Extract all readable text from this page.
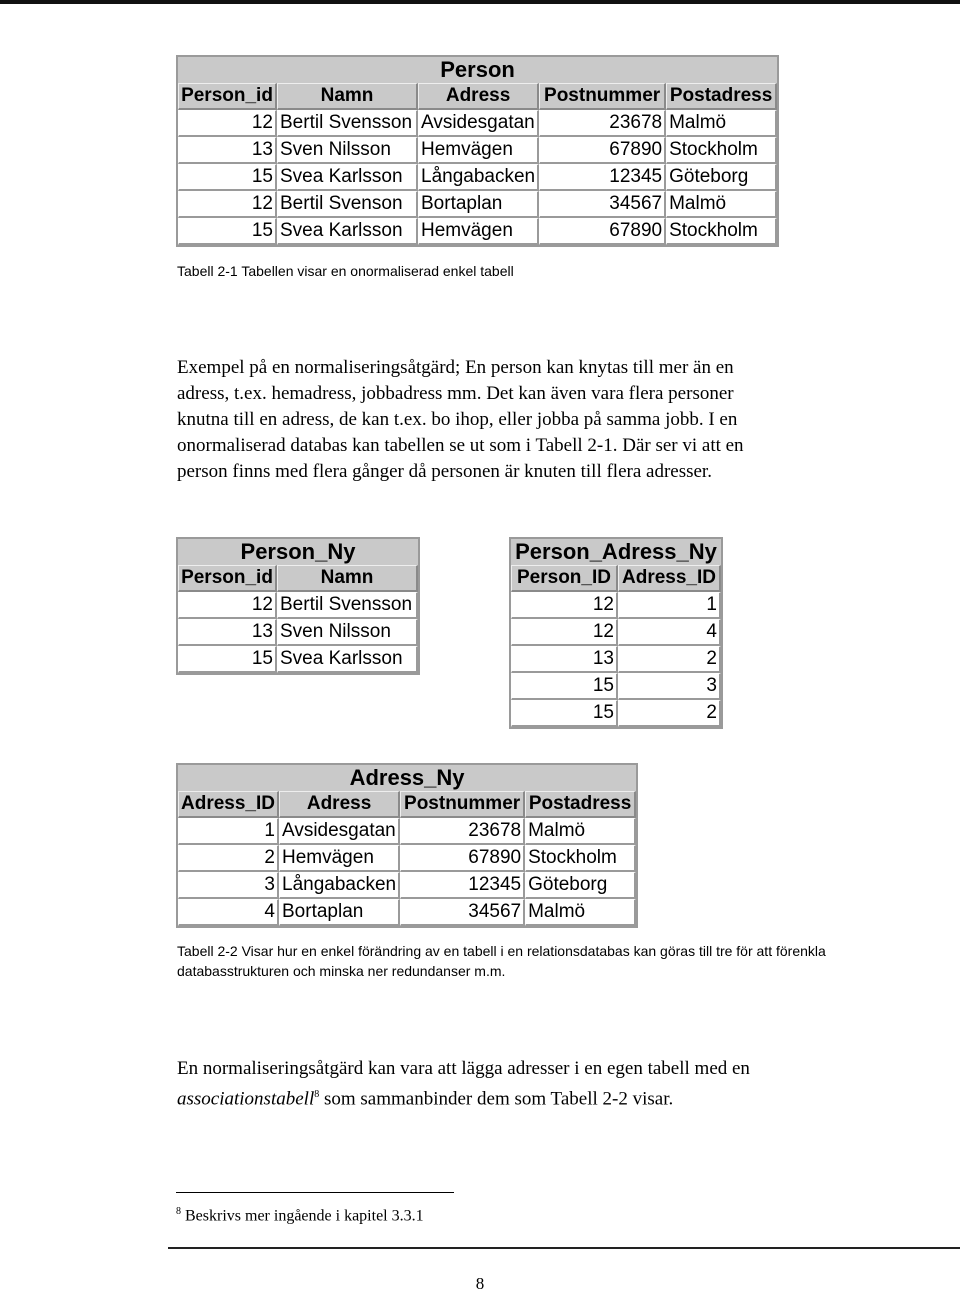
Person				
Person_id	Namn	Adress	Postnummer	Postadress
12	Bertil Svensson	Avsidesgatan	23678	Malmö
13	Sven Nilsson	Hemvägen	67890	Stockholm
15	Svea Karlsson	Långabacken	12345	Göteborg
12	Bertil Svenson	Bortaplan	34567	Malmö
15	Svea Karlsson	Hemvägen	67890	Stockholm
Tabell 2-1 Tabellen visar en onormaliserad enkel tabell
Exempel på en normaliseringsåtgärd; En person kan knytas till mer än en
adress, t.ex. hemadress, jobbadress mm. Det kan även vara flera personer
knutna till en adress, de kan t.ex. bo ihop, eller jobba på samma jobb. I en
onormaliserad databas kan tabellen se ut som i Tabell 2-1. Där ser vi att en
person finns med flera gånger då personen är knuten till flera adresser.
Person_Ny	
Person_id	Namn
12	Bertil Svensson
13	Sven Nilsson
15	Svea Karlsson
Person_Adress_Ny	
Person_ID	Adress_ID
12	1
12	4
13	2
15	3
15	2
Adress_Ny			
Adress_ID	Adress	Postnummer	Postadress
1	Avsidesgatan	23678	Malmö
2	Hemvägen	67890	Stockholm
3	Långabacken	12345	Göteborg
4	Bortaplan	34567	Malmö
Tabell 2-2 Visar hur en enkel förändring av en tabell i en relationsdatabas kan göras till tre för att förenkla
databasstrukturen och minska ner redundanser m.m.
En normaliseringsåtgärd kan vara att lägga adresser i en egen tabell med en
associationstabell$^8$ som sammanbinder dem som Tabell 2-2 visar.
$^8$ Beskrivs mer ingående i kapitel 3.3.1
8
